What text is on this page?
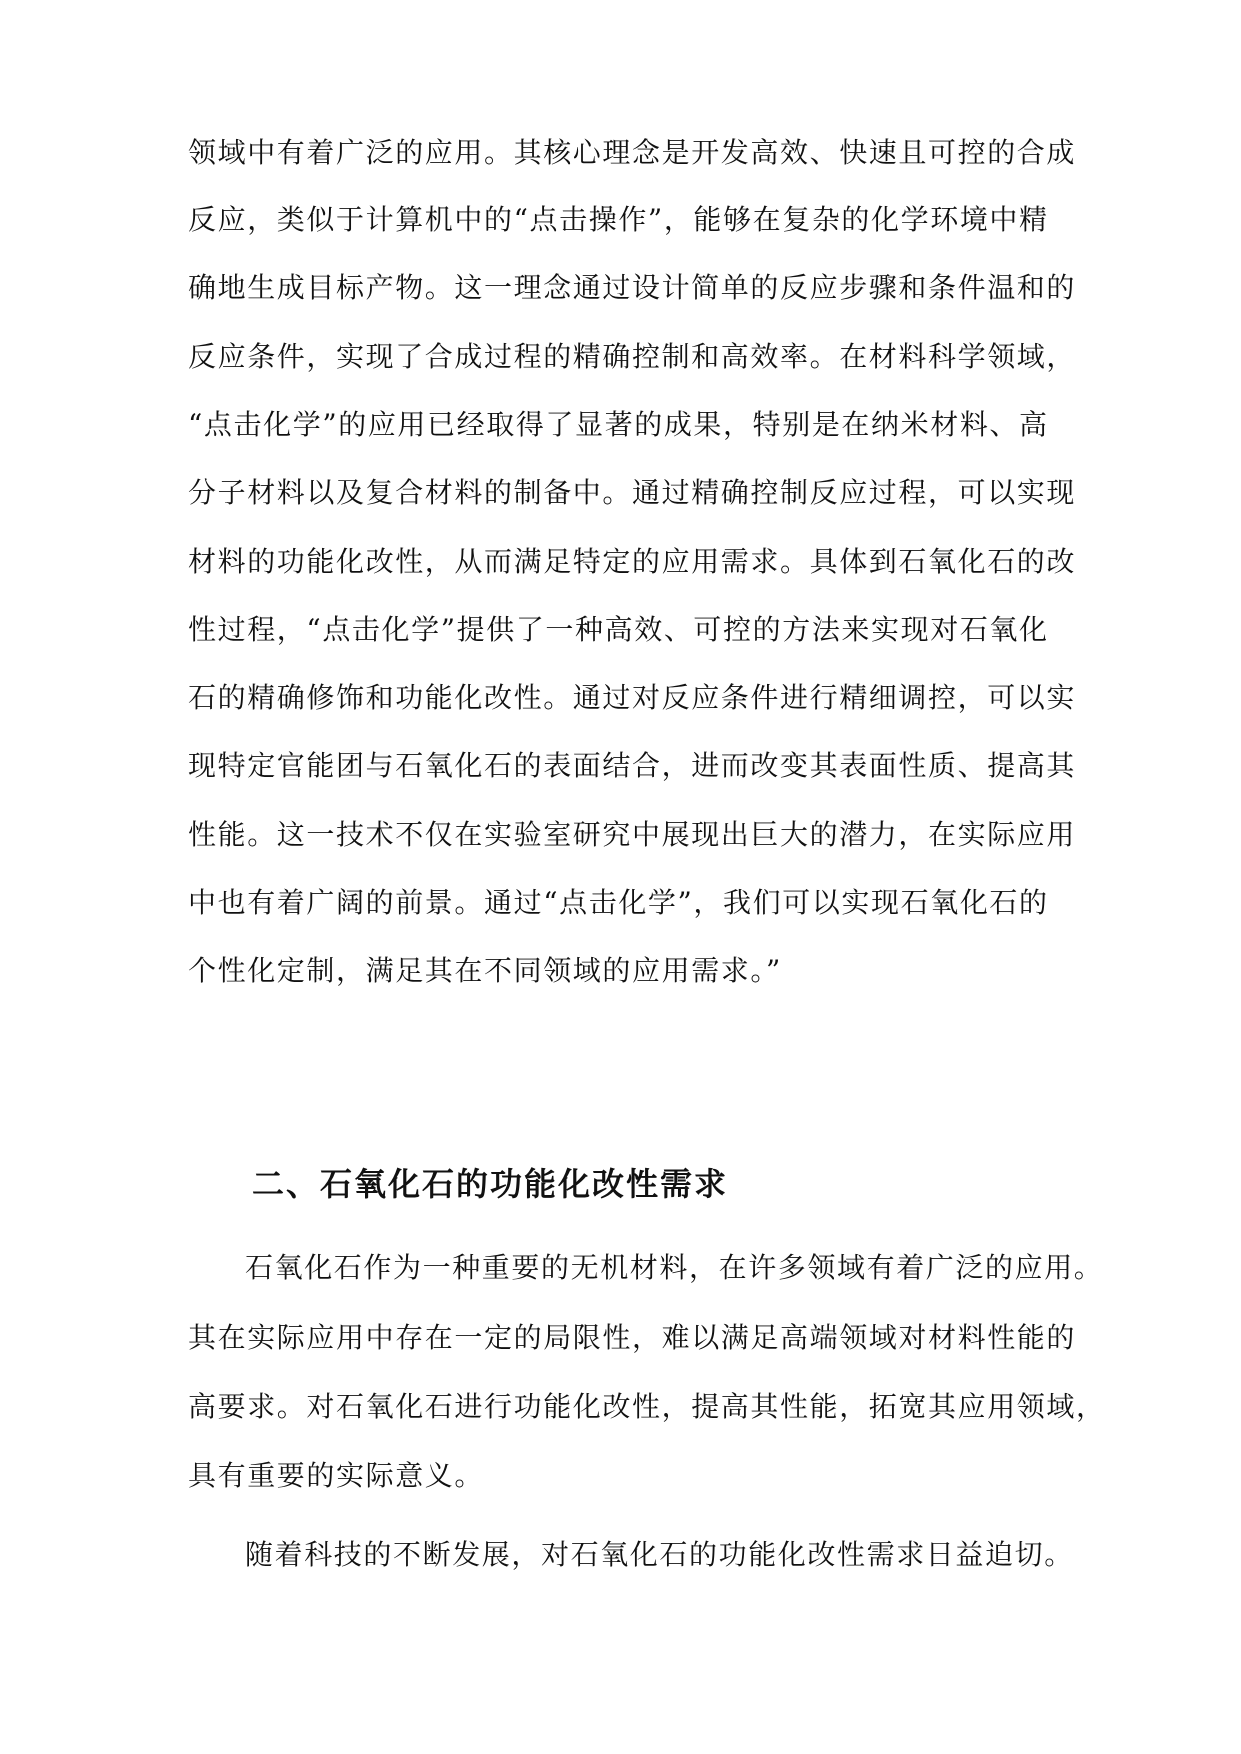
领域中有着广泛的应用。其核心理念是开发高效、快速且可控的合成
反应，类似于计算机中的“点击操作”，能够在复杂的化学环境中精
确地生成目标产物。这一理念通过设计简单的反应步骤和条件温和的
反应条件，实现了合成过程的精确控制和高效率。在材料科学领域，
“点击化学”的应用已经取得了显著的成果，特别是在纳米材料、高
分子材料以及复合材料的制备中。通过精确控制反应过程，可以实现
材料的功能化改性，从而满足特定的应用需求。具体到石氧化石的改
性过程，“点击化学”提供了一种高效、可控的方法来实现对石氧化
石的精确修饰和功能化改性。通过对反应条件进行精细调控，可以实
现特定官能团与石氧化石的表面结合，进而改变其表面性质、提高其
性能。这一技术不仅在实验室研究中展现出巨大的潜力，在实际应用
中也有着广阔的前景。通过“点击化学”，我们可以实现石氧化石的
个性化定制，满足其在不同领域的应用需求。”
二、石氧化石的功能化改性需求
石氧化石作为一种重要的无机材料，在许多领域有着广泛的应用。
其在实际应用中存在一定的局限性，难以满足高端领域对材料性能的
高要求。对石氧化石进行功能化改性，提高其性能，拓宽其应用领域，
具有重要的实际意义。
随着科技的不断发展，对石氧化石的功能化改性需求日益迫切。
